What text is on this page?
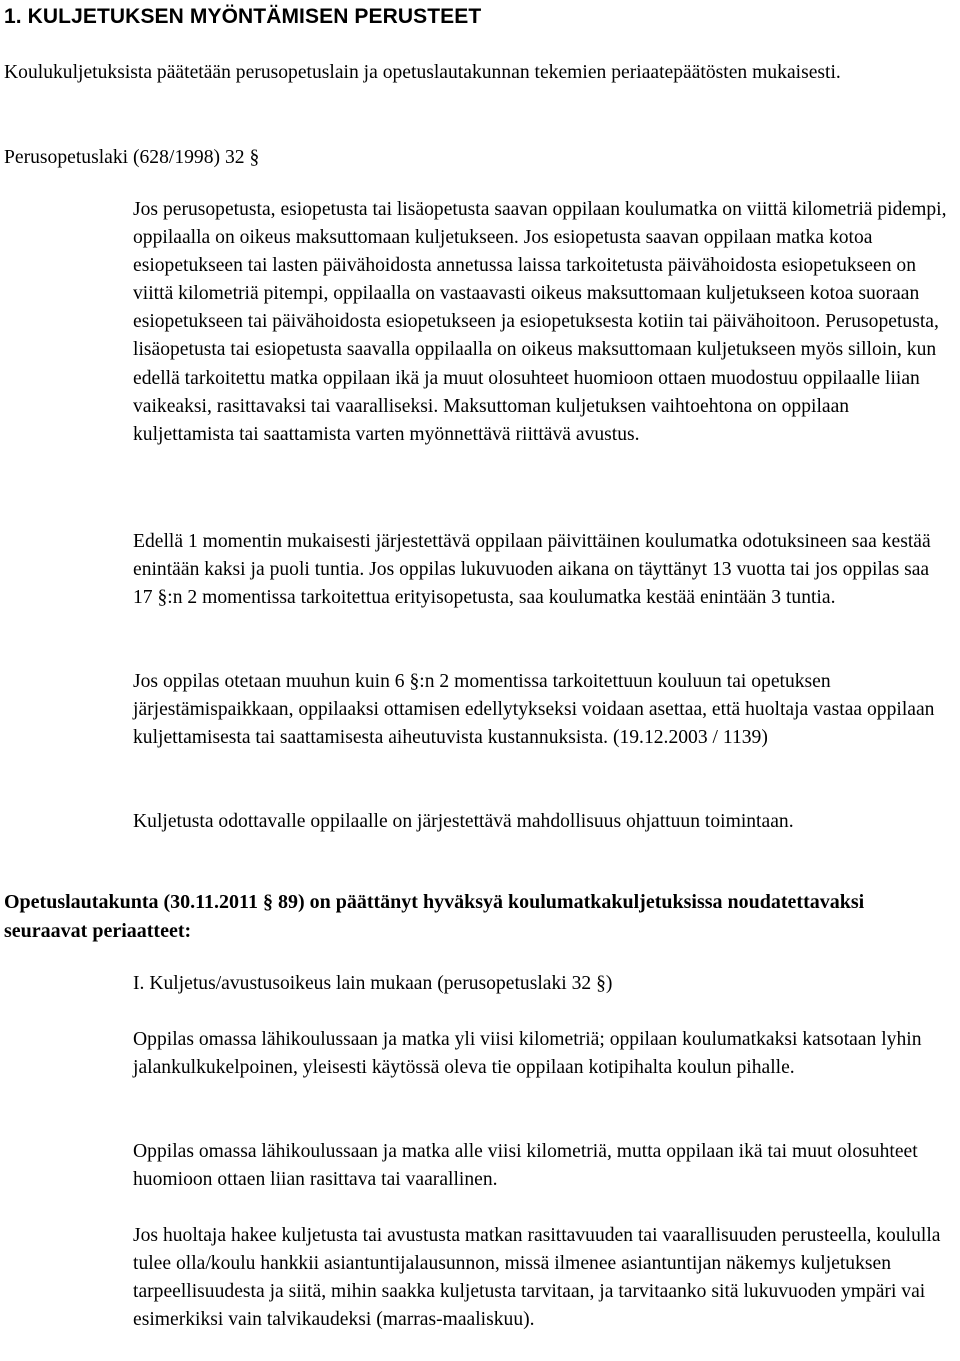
1. KULJETUKSEN MYÖNTÄMISEN PERUSTEET
Koulukuljetuksista päätetään perusopetuslain ja opetuslautakunnan tekemien periaatepäätösten mukaisesti.
Perusopetuslaki (628/1998) 32 §
Jos perusopetusta, esiopetusta tai lisäopetusta saavan oppilaan koulumatka on viittä kilometriä pidempi, oppilaalla on oikeus maksuttomaan kuljetukseen. Jos esiopetusta saavan oppilaan matka kotoa esiopetukseen tai lasten päivähoidosta annetussa laissa tarkoitetusta päivähoidosta esiopetukseen on viittä kilometriä pitempi, oppilaalla on vastaavasti oikeus maksuttomaan kuljetukseen kotoa suoraan esiopetukseen tai päivähoidosta esiopetukseen ja esiopetuksesta kotiin tai päivähoitoon. Perusopetusta, lisäopetusta tai esiopetusta saavalla oppilaalla on oikeus maksuttomaan kuljetukseen myös silloin, kun edellä tarkoitettu matka oppilaan ikä ja muut olosuhteet huomioon ottaen muodostuu oppilaalle liian vaikeaksi, rasittavaksi tai vaaralliseksi. Maksuttoman kuljetuksen vaihtoehtona on oppilaan kuljettamista tai saattamista varten myönnettävä riittävä avustus.
Edellä 1 momentin mukaisesti järjestettävä oppilaan päivittäinen koulumatka odotuksineen saa kestää enintään kaksi ja puoli tuntia. Jos oppilas lukuvuoden aikana on täyttänyt 13 vuotta tai jos oppilas saa 17 §:n 2 momentissa tarkoitettua erityisopetusta, saa koulumatka kestää enintään 3 tuntia.
Jos oppilas otetaan muuhun kuin 6 §:n 2 momentissa tarkoitettuun kouluun tai opetuksen järjestämispaikkaan, oppilaaksi ottamisen edellytykseksi voidaan asettaa, että huoltaja vastaa oppilaan kuljettamisesta tai saattamisesta aiheutuvista kustannuksista. (19.12.2003 / 1139)
Kuljetusta odottavalle oppilaalle on järjestettävä mahdollisuus ohjattuun toimintaan.
Opetuslautakunta (30.11.2011 § 89) on päättänyt hyväksyä koulumatkakuljetuksissa noudatettavaksi seuraavat periaatteet:
I. Kuljetus/avustusoikeus lain mukaan (perusopetuslaki 32 §)
Oppilas omassa lähikoulussaan ja matka yli viisi kilometriä; oppilaan koulumatkaksi katsotaan lyhin jalankulkukelpoinen, yleisesti käytössä oleva tie oppilaan kotipihalta koulun pihalle.
Oppilas omassa lähikoulussaan ja matka alle viisi kilometriä, mutta oppilaan ikä tai muut olosuhteet huomioon ottaen liian rasittava tai vaarallinen.
Jos huoltaja hakee kuljetusta tai avustusta matkan rasittavuuden tai vaarallisuuden perusteella, koululla tulee olla/koulu hankkii asiantuntijalausunnon, missä ilmenee asiantuntijan näkemys kuljetuksen tarpeellisuudesta ja siitä, mihin saakka kuljetusta tarvitaan, ja tarvitaanko sitä lukuvuoden ympäri vai esimerkiksi vain talvikaudeksi (marras-maaliskuu).
